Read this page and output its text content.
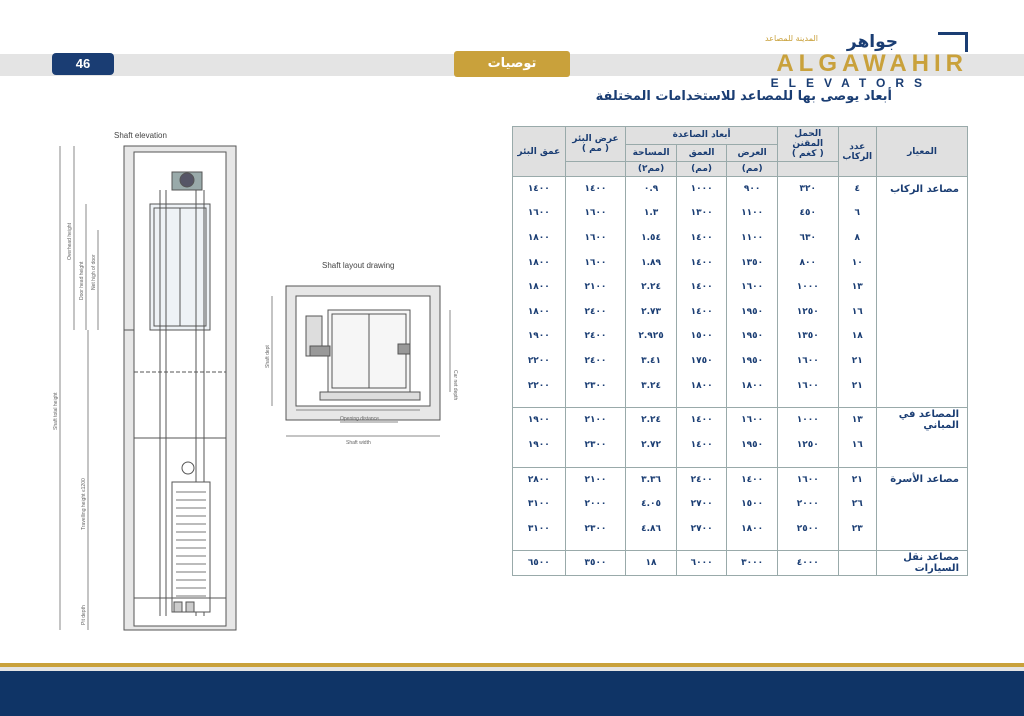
46	توصيات
المدينة للمصاعد جواهر
ALGAWAHIR
ELEVATORS
أبعاد يوصى بها للمصاعد للاستخدامات المختلفة
Shaft elevation
Shaft layout drawing
Overhead height
Door head height Net high of door
Shaft total height
Travelling height ≤1200
Pit depth
Shaft dept
Car net depth
Opening distance
Shaft width
المعيار	عدد الركاب	الحمل المقنن
( كغم )	أبعاد الصاعدة			عرض البئر
( مم )	عمق البئر
			العرض	العمق	المساحة		
			(مم)	(مم)	(مم٢)		
مصاعد الركاب	٤	٣٢٠	٩٠٠	١٠٠٠	٠.٩	١٤٠٠	١٤٠٠
	٦	٤٥٠	١١٠٠	١٣٠٠	١.٣	١٦٠٠	١٦٠٠
	٨	٦٣٠	١١٠٠	١٤٠٠	١.٥٤	١٦٠٠	١٨٠٠
	١٠	٨٠٠	١٣٥٠	١٤٠٠	١.٨٩	١٦٠٠	١٨٠٠
	١٣	١٠٠٠	١٦٠٠	١٤٠٠	٢.٢٤	٢١٠٠	١٨٠٠
	١٦	١٢٥٠	١٩٥٠	١٤٠٠	٢.٧٣	٢٤٠٠	١٨٠٠
	١٨	١٣٥٠	١٩٥٠	١٥٠٠	٢.٩٢٥	٢٤٠٠	١٩٠٠
	٢١	١٦٠٠	١٩٥٠	١٧٥٠	٣.٤١	٢٤٠٠	٢٢٠٠
	٢١	١٦٠٠	١٨٠٠	١٨٠٠	٣.٢٤	٢٣٠٠	٢٢٠٠

المصاعد في المباني	١٣	١٠٠٠	١٦٠٠	١٤٠٠	٢.٢٤	٢١٠٠	١٩٠٠
	١٦	١٢٥٠	١٩٥٠	١٤٠٠	٢.٧٢	٢٣٠٠	١٩٠٠

مصاعد الأسرة	٢١	١٦٠٠	١٤٠٠	٢٤٠٠	٣.٣٦	٢١٠٠	٢٨٠٠
	٢٦	٢٠٠٠	١٥٠٠	٢٧٠٠	٤.٠٥	٢٠٠٠	٣١٠٠
	٢٣	٢٥٠٠	١٨٠٠	٢٧٠٠	٤.٨٦	٢٣٠٠	٣١٠٠

مصاعد نقل السيارات		٤٠٠٠	٣٠٠٠	٦٠٠٠	١٨	٣٥٠٠	٦٥٠٠
